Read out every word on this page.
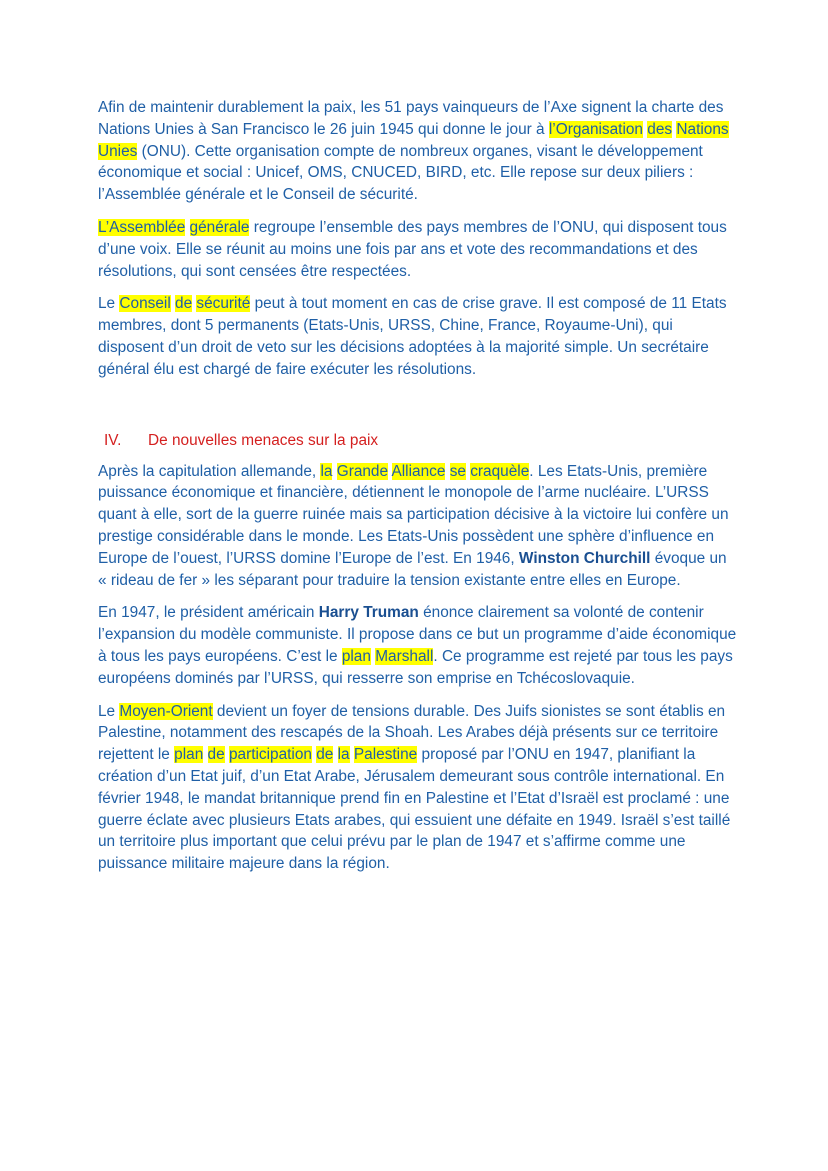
Afin de maintenir durablement la paix, les 51 pays vainqueurs de l’Axe signent la charte des Nations Unies à San Francisco le 26 juin 1945 qui donne le jour à l’Organisation des Nations Unies (ONU). Cette organisation compte de nombreux organes, visant le développement économique et social : Unicef, OMS, CNUCED, BIRD, etc. Elle repose sur deux piliers : l’Assemblée générale et le Conseil de sécurité.

L’Assemblée générale regroupe l’ensemble des pays membres de l’ONU, qui disposent tous d’une voix. Elle se réunit au moins une fois par ans et vote des recommandations et des résolutions, qui sont censées être respectées.

Le Conseil de sécurité peut à tout moment en cas de crise grave. Il est composé de 11 Etats membres, dont 5 permanents (Etats-Unis, URSS, Chine, France, Royaume-Uni), qui disposent d’un droit de veto sur les décisions adoptées à la majorité simple. Un secrétaire général élu est chargé de faire exécuter les résolutions.

IV. De nouvelles menaces sur la paix

Après la capitulation allemande, la Grande Alliance se craquèle. Les Etats-Unis, première puissance économique et financière, détiennent le monopole de l’arme nucléaire. L’URSS quant à elle, sort de la guerre ruinée mais sa participation décisive à la victoire lui confère un prestige considérable dans le monde. Les Etats-Unis possèdent une sphère d’influence en Europe de l’ouest, l’URSS domine l’Europe de l’est. En 1946, Winston Churchill évoque un « rideau de fer » les séparant pour traduire la tension existante entre elles en Europe.

En 1947, le président américain Harry Truman énonce clairement sa volonté de contenir l’expansion du modèle communiste. Il propose dans ce but un programme d’aide économique à tous les pays européens. C’est le plan Marshall. Ce programme est rejeté par tous les pays européens dominés par l’URSS, qui resserre son emprise en Tchécoslovaquie.

Le Moyen-Orient devient un foyer de tensions durable. Des Juifs sionistes se sont établis en Palestine, notamment des rescapés de la Shoah. Les Arabes déjà présents sur ce territoire rejettent le plan de participation de la Palestine proposé par l’ONU en 1947, planifiant la création d’un Etat juif, d’un Etat Arabe, Jérusalem demeurant sous contrôle international. En février 1948, le mandat britannique prend fin en Palestine et l’Etat d’Israël est proclamé : une guerre éclate avec plusieurs Etats arabes, qui essuient une défaite en 1949. Israël s’est taillé un territoire plus important que celui prévu par le plan de 1947 et s’affirme comme une puissance militaire majeure dans la région.
